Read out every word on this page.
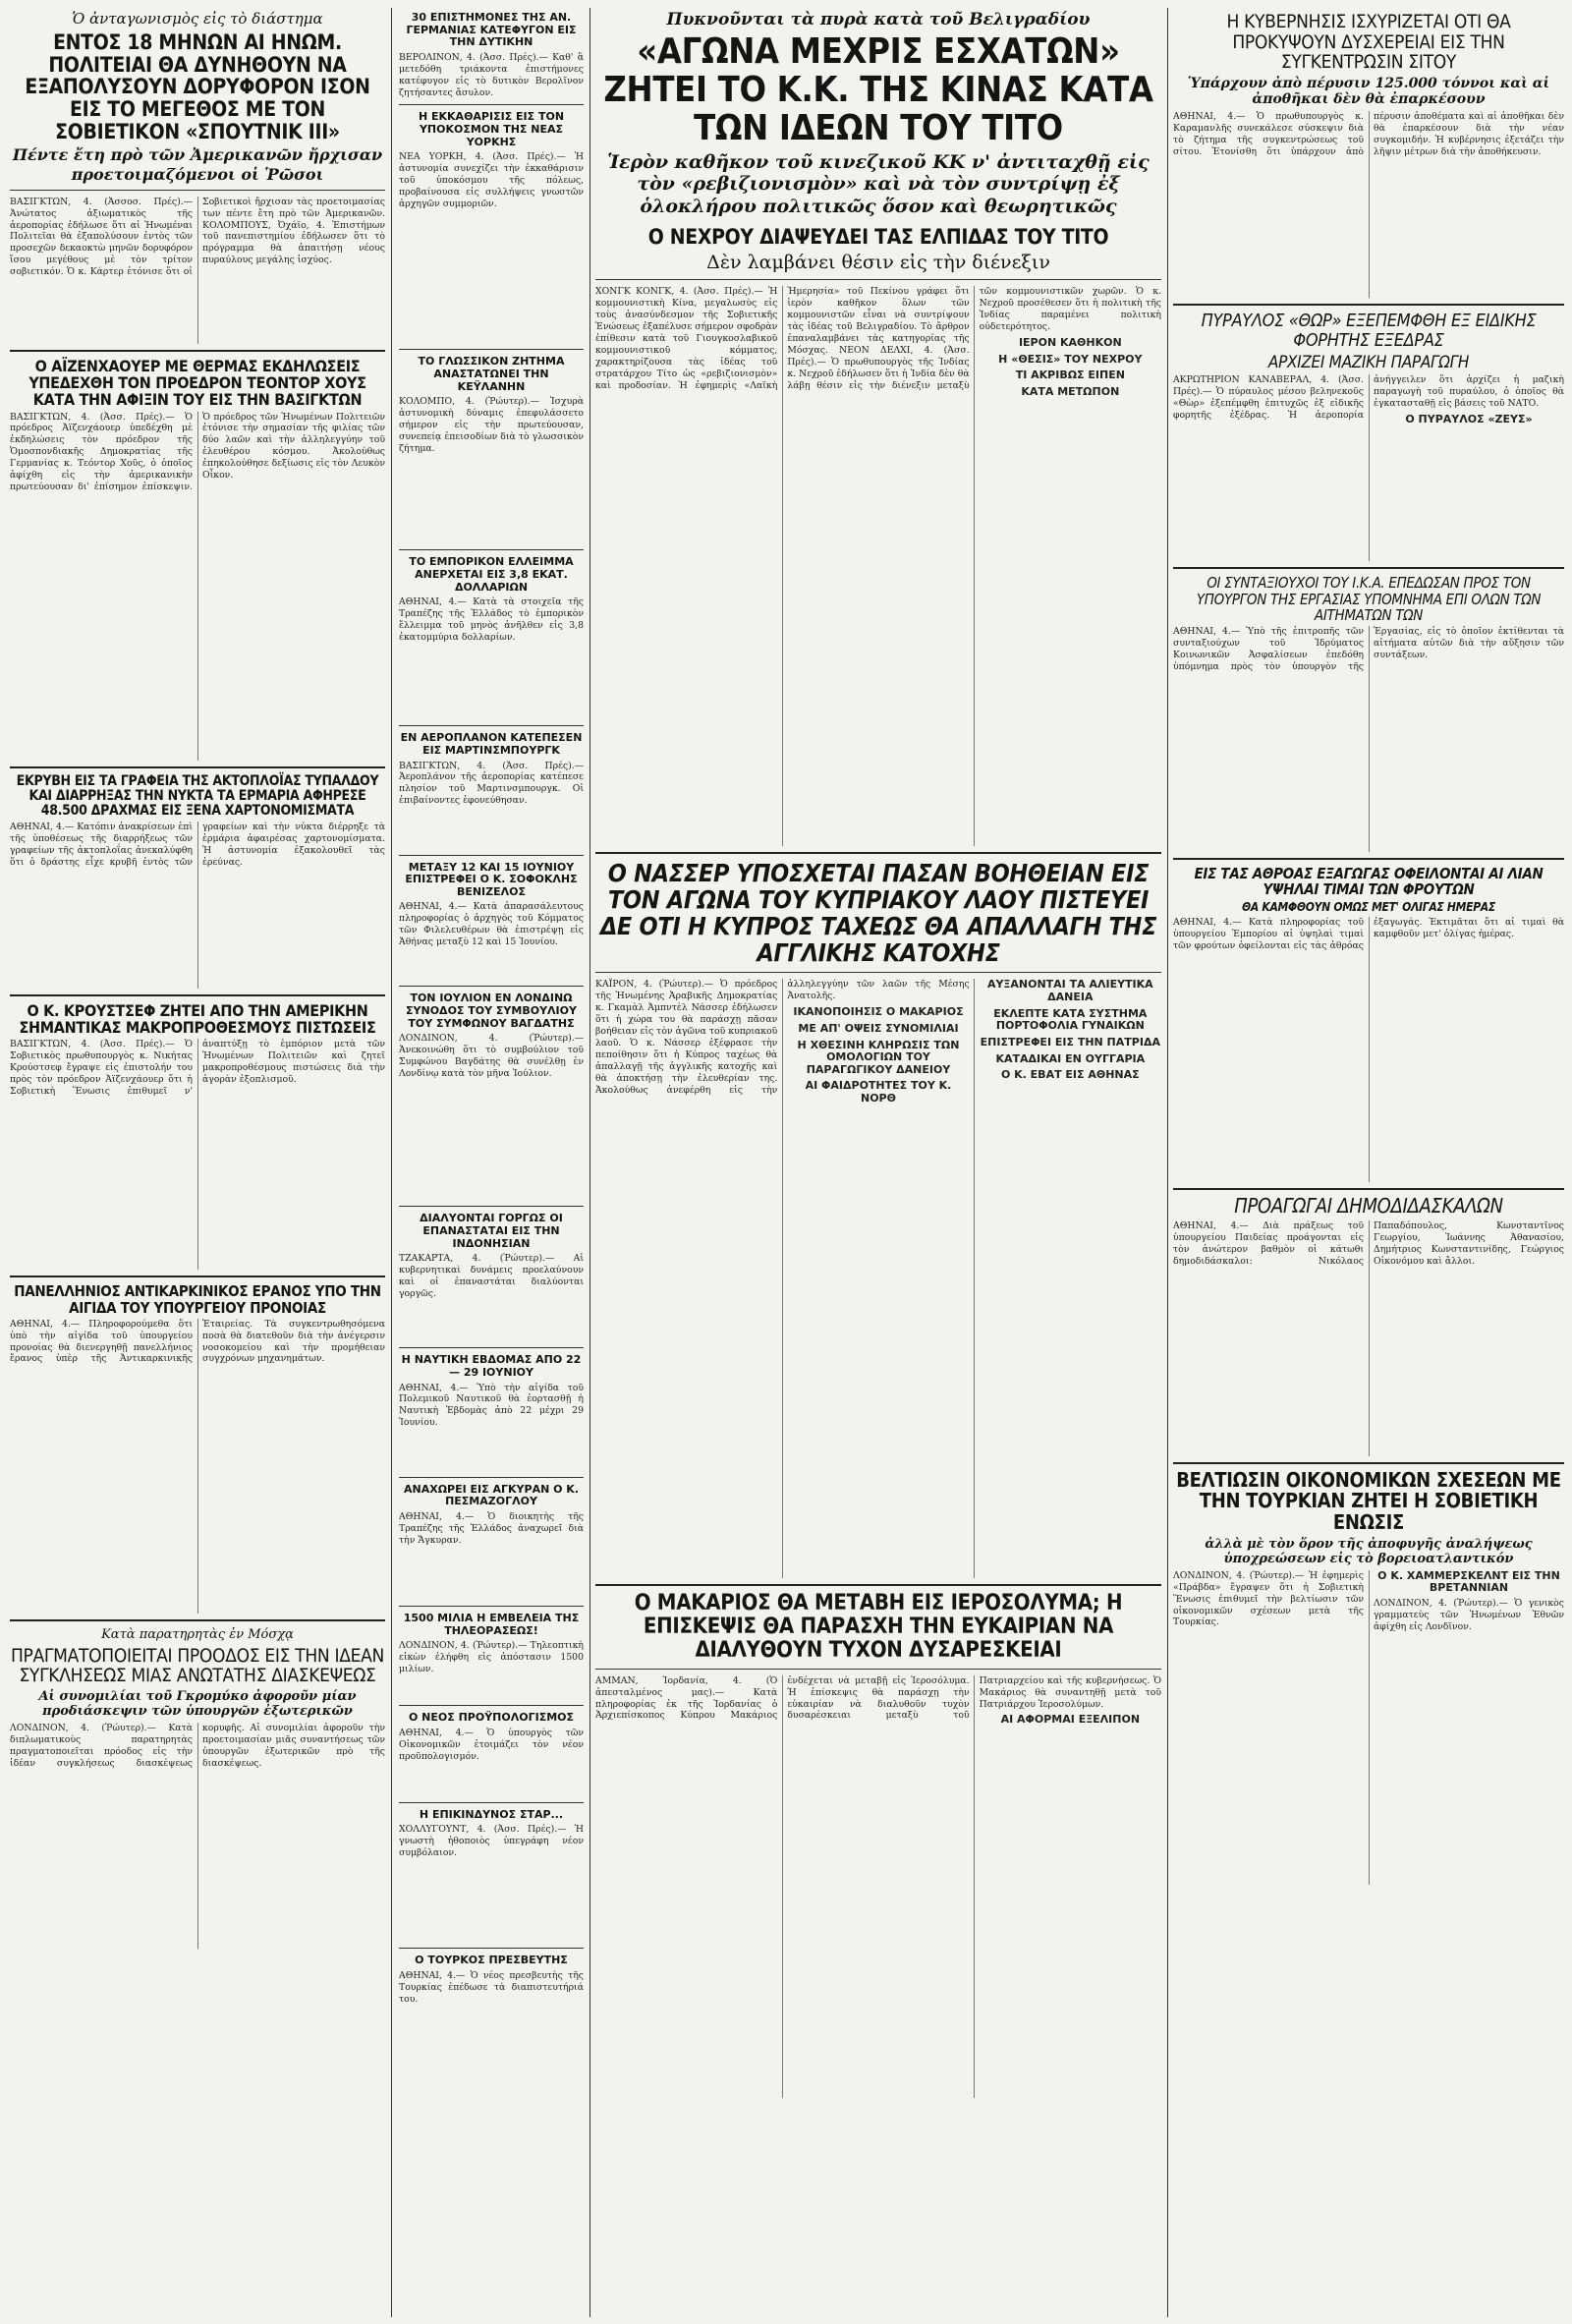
Ὁ ἀνταγωνισμὸς εἰς τὸ διάστημα
ΕΝΤΟΣ 18 ΜΗΝΩΝ ΑΙ ΗΝΩΜ. ΠΟΛΙΤΕΙΑΙ ΘΑ ΔΥΝΗΘΟΥΝ ΝΑ ΕΞΑΠΟΛΥΣΟΥΝ ΔΟΡΥΦΟΡΟΝ ΙΣΟΝ ΕΙΣ ΤΟ ΜΕΓΕΘΟΣ ΜΕ ΤΟΝ ΣΟΒΙΕΤΙΚΟΝ «ΣΠΟΥΤΝΙΚ ΙΙΙ»
Πέντε ἔτη πρὸ τῶν Ἀμερικανῶν ἤρχισαν προετοιμαζόμενοι οἱ Ῥῶσοι
ΒΑΣΙΓΚΤΩΝ, 4. (Ἀσσοσ. Πρές).— Ἀνώτατος ἀξιωματικὸς τῆς ἀεροπορίας ἐδήλωσε ὅτι αἱ Ἡνωμέναι Πολιτεῖαι θὰ ἐξαπολύσουν ἐντὸς τῶν προσεχῶν δεκαοκτὼ μηνῶν δορυφόρον ἴσου μεγέθους μὲ τὸν τρίτον σοβιετικόν. Ὁ κ. Κάρτερ ἐτόνισε ὅτι οἱ Σοβιετικοὶ ἤρχισαν τὰς προετοιμασίας των πέντε ἔτη πρὸ τῶν Ἀμερικανῶν. ΚΟΛΟΜΠΟΥΣ, Ὀχάϊο, 4. Ἐπιστήμων τοῦ πανεπιστημίου ἐδήλωσεν ὅτι τὸ πρόγραμμα θὰ ἀπαιτήσῃ νέους πυραύλους μεγάλης ἰσχύος.
Ο ΑΪΖΕΝΧΑΟΥΕΡ ΜΕ ΘΕΡΜΑΣ ΕΚΔΗΛΩΣΕΙΣ ΥΠΕΔΕΧΘΗ ΤΟΝ ΠΡΟΕΔΡΟΝ ΤΕΟΝΤΟΡ ΧΟΥΣ ΚΑΤΑ ΤΗΝ ΑΦΙΞΙΝ ΤΟΥ ΕΙΣ ΤΗΝ ΒΑΣΙΓΚΤΩΝ
ΒΑΣΙΓΚΤΩΝ, 4. (Ἀσσ. Πρές).— Ὁ πρόεδρος Ἀϊζενχάουερ ὑπεδέχθη μὲ ἐκδηλώσεις τὸν πρόεδρον τῆς Ὁμοσπονδιακῆς Δημοκρατίας τῆς Γερμανίας κ. Τεόντορ Χοῦς, ὁ ὁποῖος ἀφίχθη εἰς τὴν ἀμερικανικὴν πρωτεύουσαν δι' ἐπίσημον ἐπίσκεψιν. Ὁ πρόεδρος τῶν Ἡνωμένων Πολιτειῶν ἐτόνισε τὴν σημασίαν τῆς φιλίας τῶν δύο λαῶν καὶ τὴν ἀλληλεγγύην τοῦ ἐλευθέρου κόσμου. Ἀκολούθως ἐπηκολούθησε δεξίωσις εἰς τὸν Λευκὸν Οἶκον.
ΕΚΡΥΒΗ ΕΙΣ ΤΑ ΓΡΑΦΕΙΑ ΤΗΣ ΑΚΤΟΠΛΟΪΑΣ ΤΥΠΑΛΔΟΥ ΚΑΙ ΔΙΑΡΡΗΞΑΣ ΤΗΝ ΝΥΚΤΑ ΤΑ ΕΡΜΑΡΙΑ ΑΦΗΡΕΣΕ 48.500 ΔΡΑΧΜΑΣ ΕΙΣ ΞΕΝΑ ΧΑΡΤΟΝΟΜΙΣΜΑΤΑ
ΑΘΗΝΑΙ, 4.— Κατόπιν ἀνακρίσεων ἐπὶ τῆς ὑποθέσεως τῆς διαρρήξεως τῶν γραφείων τῆς ἀκτοπλοΐας ἀνεκαλύφθη ὅτι ὁ δράστης εἶχε κρυβῆ ἐντὸς τῶν γραφείων καὶ τὴν νύκτα διέρρηξε τὰ ἑρμάρια ἀφαιρέσας χαρτονομίσματα. Ἡ ἀστυνομία ἐξακολουθεῖ τὰς ἐρεύνας.
Ο Κ. ΚΡΟΥΣΤΣΕΦ ΖΗΤΕΙ ΑΠΟ ΤΗΝ ΑΜΕΡΙΚΗΝ ΣΗΜΑΝΤΙΚΑΣ ΜΑΚΡΟΠΡΟΘΕΣΜΟΥΣ ΠΙΣΤΩΣΕΙΣ
ΒΑΣΙΓΚΤΩΝ, 4. (Ἀσσ. Πρές).— Ὁ Σοβιετικὸς πρωθυπουργὸς κ. Νικήτας Κρούστσεφ ἔγραψε εἰς ἐπιστολήν του πρὸς τὸν πρόεδρον Ἀϊζενχάουερ ὅτι ἡ Σοβιετικὴ Ἕνωσις ἐπιθυμεῖ ν' ἀναπτύξῃ τὸ ἐμπόριον μετὰ τῶν Ἡνωμένων Πολιτειῶν καὶ ζητεῖ μακροπροθέσμους πιστώσεις διὰ τὴν ἀγορὰν ἐξοπλισμοῦ.
ΠΑΝΕΛΛΗΝΙΟΣ ΑΝΤΙΚΑΡΚΙΝΙΚΟΣ ΕΡΑΝΟΣ ΥΠΟ ΤΗΝ ΑΙΓΙΔΑ ΤΟΥ ΥΠΟΥΡΓΕΙΟΥ ΠΡΟΝΟΙΑΣ
ΑΘΗΝΑΙ, 4.— Πληροφορούμεθα ὅτι ὑπὸ τὴν αἰγίδα τοῦ ὑπουργείου προνοίας θὰ διενεργηθῇ πανελλήνιος ἔρανος ὑπὲρ τῆς Ἀντικαρκινικῆς Ἑταιρείας. Τὰ συγκεντρωθησόμενα ποσὰ θὰ διατεθοῦν διὰ τὴν ἀνέγερσιν νοσοκομείου καὶ τὴν προμήθειαν συγχρόνων μηχανημάτων.
Κατὰ παρατηρητὰς ἐν Μόσχᾳ
ΠΡΑΓΜΑΤΟΠΟΙΕΙΤΑΙ ΠΡΟΟΔΟΣ ΕΙΣ ΤΗΝ ΙΔΕΑΝ ΣΥΓΚΛΗΣΕΩΣ ΜΙΑΣ ΑΝΩΤΑΤΗΣ ΔΙΑΣΚΕΨΕΩΣ
Αἱ συνομιλίαι τοῦ Γκρομύκο ἀφοροῦν μίαν προδιάσκεψιν τῶν ὑπουργῶν ἐξωτερικῶν
ΛΟΝΔΙΝΟΝ, 4. (Ῥώυτερ).— Κατὰ διπλωματικοὺς παρατηρητὰς πραγματοποιεῖται πρόοδος εἰς τὴν ἰδέαν συγκλήσεως διασκέψεως κορυφῆς. Αἱ συνομιλίαι ἀφοροῦν τὴν προετοιμασίαν μιᾶς συναντήσεως τῶν ὑπουργῶν ἐξωτερικῶν πρὸ τῆς διασκέψεως.
30 ΕΠΙΣΤΗΜΟΝΕΣ ΤΗΣ ΑΝ. ΓΕΡΜΑΝΙΑΣ ΚΑΤΕΦΥΓΟΝ ΕΙΣ ΤΗΝ ΔΥΤΙΚΗΝ
ΒΕΡΟΛΙΝΟΝ, 4. (Ἀσσ. Πρές).— Καθ' ἃ μετεδόθη τριάκοντα ἐπιστήμονες κατέφυγον εἰς τὸ δυτικὸν Βερολῖνον ζητήσαντες ἄσυλον.
Η ΕΚΚΑΘΑΡΙΣΙΣ ΕΙΣ ΤΟΝ ΥΠΟΚΟΣΜΟΝ ΤΗΣ ΝΕΑΣ ΥΟΡΚΗΣ
ΝΕΑ ΥΟΡΚΗ, 4. (Ἀσσ. Πρές).— Ἡ ἀστυνομία συνεχίζει τὴν ἐκκαθάρισιν τοῦ ὑποκόσμου τῆς πόλεως, προβαίνουσα εἰς συλλήψεις γνωστῶν ἀρχηγῶν συμμοριῶν.
ΤΟ ΓΛΩΣΣΙΚΟΝ ΖΗΤΗΜΑ ΑΝΑΣΤΑΤΩΝΕΙ ΤΗΝ ΚΕΫΛΑΝΗΝ
ΚΟΛΟΜΠΟ, 4. (Ῥώυτερ).— Ἰσχυρὰ ἀστυνομικὴ δύναμις ἐπεφυλάσσετο σήμερον εἰς τὴν πρωτεύουσαν, συνεπείᾳ ἐπεισοδίων διὰ τὸ γλωσσικὸν ζήτημα.
ΤΟ ΕΜΠΟΡΙΚΟΝ ΕΛΛΕΙΜΜΑ ΑΝΕΡΧΕΤΑΙ ΕΙΣ 3,8 ΕΚΑΤ. ΔΟΛΛΑΡΙΩΝ
ΑΘΗΝΑΙ, 4.— Κατὰ τὰ στοιχεῖα τῆς Τραπέζης τῆς Ἑλλάδος τὸ ἐμπορικὸν ἔλλειμμα τοῦ μηνὸς ἀνῆλθεν εἰς 3,8 ἑκατομμύρια δολλαρίων.
ΕΝ ΑΕΡΟΠΛΑΝΟΝ ΚΑΤΕΠΕΣΕΝ ΕΙΣ ΜΑΡΤΙΝΣΜΠΟΥΡΓΚ
ΒΑΣΙΓΚΤΩΝ, 4. (Ἀσσ. Πρές).— Ἀεροπλάνον τῆς ἀεροπορίας κατέπεσε πλησίον τοῦ Μαρτινσμπουργκ. Οἱ ἐπιβαίνοντες ἐφονεύθησαν.
ΜΕΤΑΞΥ 12 ΚΑΙ 15 ΙΟΥΝΙΟΥ ΕΠΙΣΤΡΕΦΕΙ Ο Κ. ΣΟΦΟΚΛΗΣ ΒΕΝΙΖΕΛΟΣ
ΑΘΗΝΑΙ, 4.— Κατὰ ἀπαρασάλευτους πληροφορίας ὁ ἀρχηγὸς τοῦ Κόμματος τῶν Φιλελευθέρων θὰ ἐπιστρέψῃ εἰς Ἀθήνας μεταξὺ 12 καὶ 15 Ἰουνίου.
ΤΟΝ ΙΟΥΛΙΟΝ ΕΝ ΛΟΝΔΙΝΩ ΣΥΝΟΔΟΣ ΤΟΥ ΣΥΜΒΟΥΛΙΟΥ ΤΟΥ ΣΥΜΦΩΝΟΥ ΒΑΓΔΑΤΗΣ
ΛΟΝΔΙΝΟΝ, 4. (Ῥώυτερ).— Ἀνεκοινώθη ὅτι τὸ συμβούλιον τοῦ Συμφώνου Βαγδάτης θὰ συνέλθῃ ἐν Λονδίνῳ κατὰ τὸν μῆνα Ἰούλιον.
ΔΙΑΛΥΟΝΤΑΙ ΓΟΡΓΩΣ ΟΙ ΕΠΑΝΑΣΤΑΤΑΙ ΕΙΣ ΤΗΝ ΙΝΔΟΝΗΣΙΑΝ
ΤΖΑΚΑΡΤΑ, 4. (Ῥώυτερ).— Αἱ κυβερνητικαὶ δυνάμεις προελαύνουν καὶ οἱ ἐπαναστάται διαλύονται γοργῶς.
Η ΝΑΥΤΙΚΗ ΕΒΔΟΜΑΣ ΑΠΟ 22 — 29 ΙΟΥΝΙΟΥ
ΑΘΗΝΑΙ, 4.— Ὑπὸ τὴν αἰγίδα τοῦ Πολεμικοῦ Ναυτικοῦ θὰ ἑορτασθῇ ἡ Ναυτικὴ Ἑβδομὰς ἀπὸ 22 μέχρι 29 Ἰουνίου.
ΑΝΑΧΩΡΕΙ ΕΙΣ ΑΓΚΥΡΑΝ Ο Κ. ΠΕΣΜΑΖΟΓΛΟΥ
ΑΘΗΝΑΙ, 4.— Ὁ διοικητὴς τῆς Τραπέζης τῆς Ἑλλάδος ἀναχωρεῖ διὰ τὴν Ἄγκυραν.
1500 ΜΙΛΙΑ Η ΕΜΒΕΛΕΙΑ ΤΗΣ ΤΗΛΕΟΡΑΣΕΩΣ!
ΛΟΝΔΙΝΟΝ, 4. (Ῥώυτερ).— Τηλεοπτικὴ εἰκὼν ἐλήφθη εἰς ἀπόστασιν 1500 μιλίων.
Ο ΝΕΟΣ ΠΡΟΫΠΟΛΟΓΙΣΜΟΣ
ΑΘΗΝΑΙ, 4.— Ὁ ὑπουργὸς τῶν Οἰκονομικῶν ἑτοιμάζει τὸν νέον προϋπολογισμόν.
Η ΕΠΙΚΙΝΔΥΝΟΣ ΣΤΑΡ...
ΧΟΛΛΥΓΟΥΝΤ, 4. (Ἀσσ. Πρές).— Ἡ γνωστὴ ἠθοποιὸς ὑπεγράφη νέον συμβόλαιον.
Ο ΤΟΥΡΚΟΣ ΠΡΕΣΒΕΥΤΗΣ
ΑΘΗΝΑΙ, 4.— Ὁ νέος πρεσβευτὴς τῆς Τουρκίας ἐπέδωσε τὰ διαπιστευτήριά του.
Πυκνοῦνται τὰ πυρὰ κατὰ τοῦ Βελιγραδίου
«ΑΓΩΝΑ ΜΕΧΡΙΣ ΕΣΧΑΤΩΝ» ΖΗΤΕΙ ΤΟ Κ.Κ. ΤΗΣ ΚΙΝΑΣ ΚΑΤΑ ΤΩΝ ΙΔΕΩΝ ΤΟΥ ΤΙΤΟ
Ἱερὸν καθῆκον τοῦ κινεζικοῦ ΚΚ ν' ἀντιταχθῇ εἰς τὸν «ρεβιζιονισμὸν» καὶ νὰ τὸν συντρίψῃ ἐξ ὁλοκλήρου πολιτικῶς ὅσον καὶ θεωρητικῶς
Ο ΝΕΧΡΟΥ ΔΙΑΨΕΥΔΕΙ ΤΑΣ ΕΛΠΙΔΑΣ ΤΟΥ ΤΙΤΟ
Δὲν λαμβάνει θέσιν εἰς τὴν διένεξιν
ΧΟΝΓΚ ΚΟΝΓΚ, 4. (Ἀσσ. Πρές).— Ἡ κομμουνιστικὴ Κίνα, μεγαλωσὺς εἰς τοὺς ἀνασύνδεσμον τῆς Σοβιετικῆς Ἑνώσεως ἐξαπέλυσε σήμερον σφοδρὰν ἐπίθεσιν κατὰ τοῦ Γιουγκοσλαβικοῦ κομμουνιστικοῦ κόμματος, χαρακτηρίζουσα τὰς ἰδέας τοῦ στρατάρχου Τίτο ὡς «ρεβιζιονισμὸν» καὶ προδοσίαν. Ἡ ἐφημερὶς «Λαϊκὴ Ἡμερησία» τοῦ Πεκίνου γράφει ὅτι ἱερὸν καθῆκον ὅλων τῶν κομμουνιστῶν εἶναι νὰ συντρίψουν τὰς ἰδέας τοῦ Βελιγραδίου. Τὸ ἄρθρον ἐπαναλαμβάνει τὰς κατηγορίας τῆς Μόσχας. ΝΕΟΝ ΔΕΛΧΙ, 4. (Ἀσσ. Πρές).— Ὁ πρωθυπουργὸς τῆς Ἰνδίας κ. Νεχροῦ ἐδήλωσεν ὅτι ἡ Ἰνδία δὲν θὰ λάβῃ θέσιν εἰς τὴν διένεξιν μεταξὺ τῶν κομμουνιστικῶν χωρῶν. Ὁ κ. Νεχροῦ προσέθεσεν ὅτι ἡ πολιτικὴ τῆς Ἰνδίας παραμένει πολιτικὴ οὐδετερότητος.
ΙΕΡΟΝ ΚΑΘΗΚΟΝ
Η «ΘΕΣΙΣ» ΤΟΥ ΝΕΧΡΟΥ
ΤΙ ΑΚΡΙΒΩΣ ΕΙΠΕΝ
ΚΑΤΑ ΜΕΤΩΠΟΝ
Ο ΝΑΣΣΕΡ ΥΠΟΣΧΕΤΑΙ ΠΑΣΑΝ ΒΟΗΘΕΙΑΝ ΕΙΣ ΤΟΝ ΑΓΩΝΑ ΤΟΥ ΚΥΠΡΙΑΚΟΥ ΛΑΟΥ ΠΙΣΤΕΥΕΙ ΔΕ ΟΤΙ Η ΚΥΠΡΟΣ ΤΑΧΕΩΣ ΘΑ ΑΠΑΛΛΑΓΗ ΤΗΣ ΑΓΓΛΙΚΗΣ ΚΑΤΟΧΗΣ
ΚΑΪΡΟΝ, 4. (Ῥώυτερ).— Ὁ πρόεδρος τῆς Ἡνωμένης Ἀραβικῆς Δημοκρατίας κ. Γκαμὰλ Ἀμπντὲλ Νάσσερ ἐδήλωσεν ὅτι ἡ χώρα του θὰ παράσχῃ πᾶσαν βοήθειαν εἰς τὸν ἀγῶνα τοῦ κυπριακοῦ λαοῦ. Ὁ κ. Νάσσερ ἐξέφρασε τὴν πεποίθησιν ὅτι ἡ Κύπρος ταχέως θὰ ἀπαλλαγῇ τῆς ἀγγλικῆς κατοχῆς καὶ θὰ ἀποκτήσῃ τὴν ἐλευθερίαν της. Ἀκολούθως ἀνεφέρθη εἰς τὴν ἀλληλεγγύην τῶν λαῶν τῆς Μέσης Ἀνατολῆς.
ΙΚΑΝΟΠΟΙΗΣΙΣ Ο ΜΑΚΑΡΙΟΣ
ΜΕ ΑΠ' ΟΨΕΙΣ ΣΥΝΟΜΙΛΙΑΙ
Η ΧΘΕΣΙΝΗ ΚΛΗΡΩΣΙΣ ΤΩΝ ΟΜΟΛΟΓΙΩΝ ΤΟΥ ΠΑΡΑΓΩΓΙΚΟΥ ΔΑΝΕΙΟΥ
ΑΙ ΦΑΙΔΡΟΤΗΤΕΣ ΤΟΥ Κ. ΝΟΡΘ
ΑΥΞΑΝΟΝΤΑΙ ΤΑ ΑΛΙΕΥΤΙΚΑ ΔΑΝΕΙΑ
ΕΚΛΕΠΤΕ ΚΑΤΑ ΣΥΣΤΗΜΑ ΠΟΡΤΟΦΟΛΙΑ ΓΥΝΑΙΚΩΝ
ΕΠΙΣΤΡΕΦΕΙ ΕΙΣ ΤΗΝ ΠΑΤΡΙΔΑ
ΚΑΤΑΔΙΚΑΙ ΕΝ ΟΥΓΓΑΡΙΑ
Ο Κ. ΕΒΑΤ ΕΙΣ ΑΘΗΝΑΣ
Ο ΜΑΚΑΡΙΟΣ ΘΑ ΜΕΤΑΒΗ ΕΙΣ ΙΕΡΟΣΟΛΥΜΑ; Η ΕΠΙΣΚΕΨΙΣ ΘΑ ΠΑΡΑΣΧΗ ΤΗΝ ΕΥΚΑΙΡΙΑΝ ΝΑ ΔΙΑΛΥΘΟΥΝ ΤΥΧΟΝ ΔΥΣΑΡΕΣΚΕΙΑΙ
ΑΜΜΑΝ, Ἰορδανία, 4. (Ὁ ἀπεσταλμένος μας).— Κατὰ πληροφορίας ἐκ τῆς Ἰορδανίας ὁ Ἀρχιεπίσκοπος Κύπρου Μακάριος ἐνδέχεται νὰ μεταβῇ εἰς Ἱεροσόλυμα. Ἡ ἐπίσκεψις θὰ παράσχῃ τὴν εὐκαιρίαν νὰ διαλυθοῦν τυχὸν δυσαρέσκειαι μεταξὺ τοῦ Πατριαρχείου καὶ τῆς κυβερνήσεως. Ὁ Μακάριος θὰ συναντηθῇ μετὰ τοῦ Πατριάρχου Ἱεροσολύμων.
ΑΙ ΑΦΟΡΜΑΙ ΕΞΕΛΙΠΟΝ
Η ΚΥΒΕΡΝΗΣΙΣ ΙΣΧΥΡΙΖΕΤΑΙ ΟΤΙ ΘΑ ΠΡΟΚΥΨΟΥΝ ΔΥΣΧΕΡΕΙΑΙ ΕΙΣ ΤΗΝ ΣΥΓΚΕΝΤΡΩΣΙΝ ΣΙΤΟΥ
Ὑπάρχουν ἀπὸ πέρυσιν 125.000 τόννοι καὶ αἱ ἀποθῆκαι δὲν θὰ ἐπαρκέσουν
ΑΘΗΝΑΙ, 4.— Ὁ πρωθυπουργὸς κ. Καραμανλῆς συνεκάλεσε σύσκεψιν διὰ τὸ ζήτημα τῆς συγκεντρώσεως τοῦ σίτου. Ἐτονίσθη ὅτι ὑπάρχουν ἀπὸ πέρυσιν ἀποθέματα καὶ αἱ ἀποθῆκαι δὲν θὰ ἐπαρκέσουν διὰ τὴν νέαν συγκομιδήν. Ἡ κυβέρνησις ἐξετάζει τὴν λῆψιν μέτρων διὰ τὴν ἀποθήκευσιν.
ΠΥΡΑΥΛΟΣ «ΘΩΡ» ΕΞΕΠΕΜΦΘΗ ΕΞ ΕΙΔΙΚΗΣ ΦΟΡΗΤΗΣ ΕΞΕΔΡΑΣ
ΑΡΧΙΖΕΙ ΜΑΖΙΚΗ ΠΑΡΑΓΩΓΗ
ΑΚΡΩΤΗΡΙΟΝ ΚΑΝΑΒΕΡΑΛ, 4. (Ἀσσ. Πρές).— Ὁ πύραυλος μέσου βεληνεκοῦς «Θὼρ» ἐξεπέμφθη ἐπιτυχῶς ἐξ εἰδικῆς φορητῆς ἐξέδρας. Ἡ ἀεροπορία ἀνήγγειλεν ὅτι ἀρχίζει ἡ μαζικὴ παραγωγὴ τοῦ πυραύλου, ὁ ὁποῖος θὰ ἐγκατασταθῇ εἰς βάσεις τοῦ ΝΑΤΟ.
Ο ΠΥΡΑΥΛΟΣ «ΖΕΥΣ»
ΟΙ ΣΥΝΤΑΞΙΟΥΧΟΙ ΤΟΥ Ι.Κ.Α. ΕΠΕΔΩΣΑΝ ΠΡΟΣ ΤΟΝ ΥΠΟΥΡΓΟΝ ΤΗΣ ΕΡΓΑΣΙΑΣ ΥΠΟΜΝΗΜΑ ΕΠΙ ΟΛΩΝ ΤΩΝ ΑΙΤΗΜΑΤΩΝ ΤΩΝ
ΑΘΗΝΑΙ, 4.— Ὑπὸ τῆς ἐπιτροπῆς τῶν συνταξιούχων τοῦ Ἱδρύματος Κοινωνικῶν Ἀσφαλίσεων ἐπεδόθη ὑπόμνημα πρὸς τὸν ὑπουργὸν τῆς Ἐργασίας, εἰς τὸ ὁποῖον ἐκτίθενται τὰ αἰτήματα αὐτῶν διὰ τὴν αὔξησιν τῶν συντάξεων.
ΕΙΣ ΤΑΣ ΑΘΡΟΑΣ ΕΞΑΓΩΓΑΣ ΟΦΕΙΛΟΝΤΑΙ ΑΙ ΛΙΑΝ ΥΨΗΛΑΙ ΤΙΜΑΙ ΤΩΝ ΦΡΟΥΤΩΝ
ΘΑ ΚΑΜΦΘΟΥΝ ΟΜΩΣ ΜΕΤ' ΟΛΙΓΑΣ ΗΜΕΡΑΣ
ΑΘΗΝΑΙ, 4.— Κατὰ πληροφορίας τοῦ ὑπουργείου Ἐμπορίου αἱ ὑψηλαὶ τιμαὶ τῶν φρούτων ὀφείλονται εἰς τὰς ἀθρόας ἐξαγωγάς. Ἐκτιμᾶται ὅτι αἱ τιμαὶ θὰ καμφθοῦν μετ' ὀλίγας ἡμέρας.
ΠΡΟΑΓΩΓΑΙ ΔΗΜΟΔΙΔΑΣΚΑΛΩΝ
ΑΘΗΝΑΙ, 4.— Διὰ πράξεως τοῦ ὑπουργείου Παιδείας προάγονται εἰς τὸν ἀνώτερον βαθμὸν οἱ κάτωθι δημοδιδάσκαλοι: Νικόλαος Παπαδόπουλος, Κωνσταντῖνος Γεωργίου, Ἰωάννης Ἀθανασίου, Δημήτριος Κωνσταντινίδης, Γεώργιος Οἰκονόμου καὶ ἄλλοι.
ΒΕΛΤΙΩΣΙΝ ΟΙΚΟΝΟΜΙΚΩΝ ΣΧΕΣΕΩΝ ΜΕ ΤΗΝ ΤΟΥΡΚΙΑΝ ΖΗΤΕΙ Η ΣΟΒΙΕΤΙΚΗ ΕΝΩΣΙΣ
ἀλλὰ μὲ τὸν ὅρον τῆς ἀποφυγῆς ἀναλήψεως ὑποχρεώσεων εἰς τὸ βορειοατλαντικόν
ΛΟΝΔΙΝΟΝ, 4. (Ῥώυτερ).— Ἡ ἐφημερὶς «Πράβδα» ἔγραψεν ὅτι ἡ Σοβιετικὴ Ἕνωσις ἐπιθυμεῖ τὴν βελτίωσιν τῶν οἰκονομικῶν σχέσεων μετὰ τῆς Τουρκίας.
Ο Κ. ΧΑΜΜΕΡΣΚΕΛΝΤ ΕΙΣ ΤΗΝ ΒΡΕΤΑΝΝΙΑΝ
ΛΟΝΔΙΝΟΝ, 4. (Ῥώυτερ).— Ὁ γενικὸς γραμματεὺς τῶν Ἡνωμένων Ἐθνῶν ἀφίχθη εἰς Λονδῖνον.
